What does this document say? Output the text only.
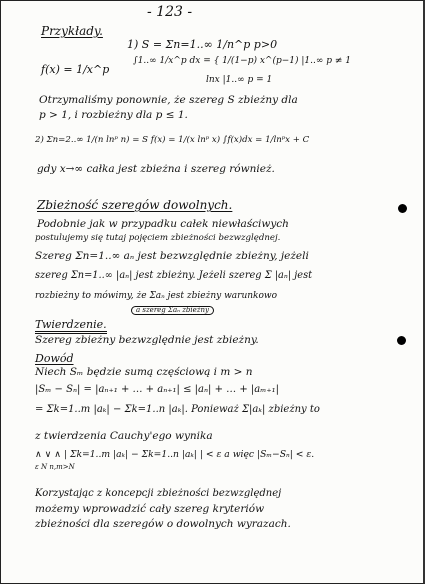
- 123 -
Przykłady.
1) S = Σn=1..∞ 1/n^p p>0
f(x) = 1/x^p
∫1..∞ 1/x^p dx = { 1/(1−p) x^(p−1) |1..∞ p ≠ 1
lnx |1..∞ p = 1
Otrzymaliśmy ponownie, że szereg S zbieżny dla
p > 1, i rozbieżny dla p ≤ 1.
2) Σn=2..∞ 1/(n lnᵖ n) = S f(x) = 1/(x lnᵖ x) ∫f(x)dx = 1/lnᵖx + C
gdy x→∞ całka jest zbieżna i szereg również.
Zbieżność szeregów dowolnych.
Podobnie jak w przypadku całek niewłaściwych
postulujemy się tutaj pojęciem zbieżności bezwzględnej.
Szereg Σn=1..∞ aₙ jest bezwzględnie zbieżny, jeżeli
szereg Σn=1..∞ |aₙ| jest zbieżny. Jeżeli szereg Σ |aₙ| jest
rozbieżny to mówimy, że Σaₙ jest zbieżny warunkowo
a szereg Σaₙ zbieżny
Twierdzenie.
Szereg zbieżny bezwzględnie jest zbieżny.
Dowód
Niech Sₘ będzie sumą częściową i m > n
|Sₘ − Sₙ| = |aₙ₊₁ + … + aₙ₊₁| ≤ |aₙ| + … + |aₘ₊₁|
= Σk=1..m |aₖ| − Σk=1..n |aₖ|. Ponieważ Σ|aₖ| zbieżny to
z twierdzenia Cauchy'ego wynika
∧ ∨ ∧ | Σk=1..m |aₖ| − Σk=1..n |aₖ| | < ε a więc |Sₘ−Sₙ| < ε.
ε N n,m>N
Korzystając z koncepcji zbieżności bezwzględnej
możemy wprowadzić cały szereg kryteriów
zbieżności dla szeregów o dowolnych wyrazach.
